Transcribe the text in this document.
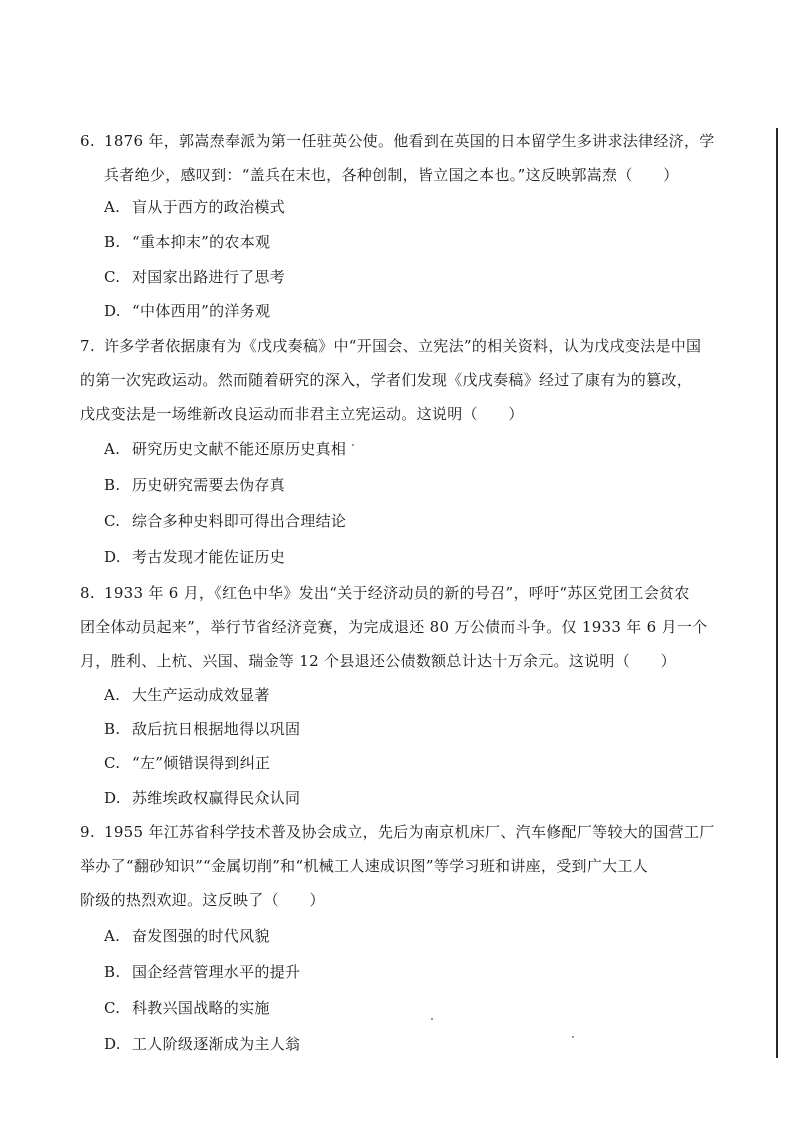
6. 1876 年，郭嵩焘奉派为第一任驻英公使。他看到在英国的日本留学生多讲求法律经济，学
兵者绝少，感叹到：“盖兵在末也，各种创制，皆立国之本也。”这反映郭嵩焘（　　）
A. 盲从于西方的政治模式
B. “重本抑末”的农本观
C. 对国家出路进行了思考
D. “中体西用”的洋务观
7. 许多学者依据康有为《戊戌奏稿》中“开国会、立宪法”的相关资料，认为戊戌变法是中国
的第一次宪政运动。然而随着研究的深入，学者们发现《戊戌奏稿》经过了康有为的篡改，
戊戌变法是一场维新改良运动而非君主立宪运动。这说明（　　）
A. 研究历史文献不能还原历史真相
B. 历史研究需要去伪存真
C. 综合多种史料即可得出合理结论
D. 考古发现才能佐证历史
8. 1933 年 6 月，《红色中华》发出“关于经济动员的新的号召”，呼吁“苏区党团工会贫农
团全体动员起来”，举行节省经济竞赛，为完成退还 80 万公债而斗争。仅 1933 年 6 月一个
月，胜利、上杭、兴国、瑞金等 12 个县退还公债数额总计达十万余元。这说明（　　）
A. 大生产运动成效显著
B. 敌后抗日根据地得以巩固
C. “左”倾错误得到纠正
D. 苏维埃政权赢得民众认同
9. 1955 年江苏省科学技术普及协会成立，先后为南京机床厂、汽车修配厂等较大的国营工厂
举办了“翻砂知识”“金属切削”和“机械工人速成识图”等学习班和讲座，受到广大工人
阶级的热烈欢迎。这反映了（　　）
A. 奋发图强的时代风貌
B. 国企经营管理水平的提升
C. 科教兴国战略的实施
D. 工人阶级逐渐成为主人翁
